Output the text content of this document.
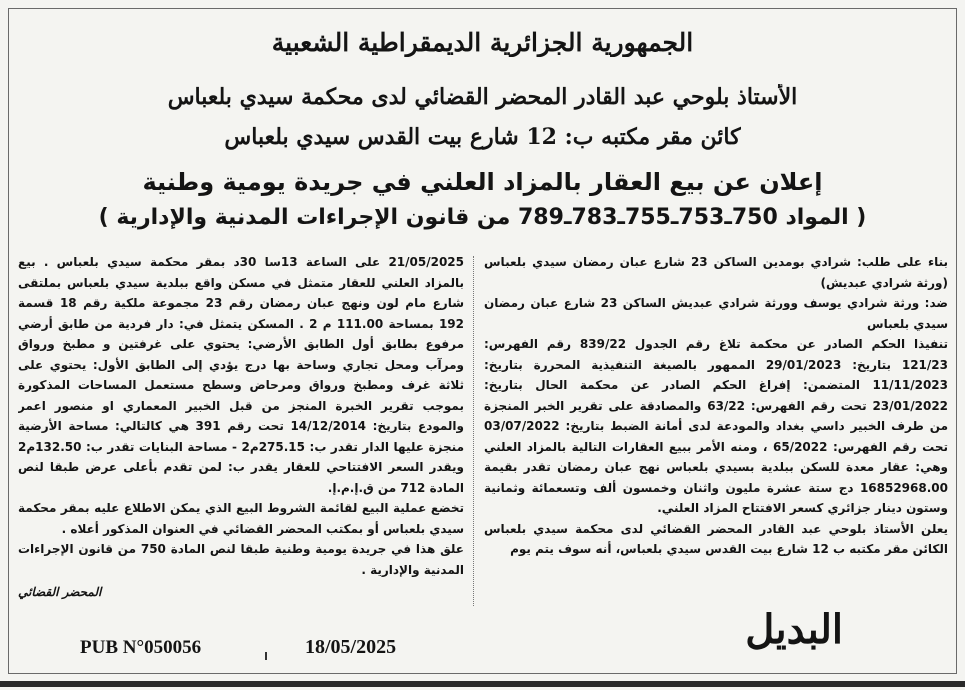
الجمهورية الجزائرية الديمقراطية الشعبية
الأستاذ بلوحي عبد القادر المحضر القضائي لدى محكمة سيدي بلعباس
كائن مقر مكتبه ب: 12 شارع بيت القدس سيدي بلعباس
إعلان عن بيع العقار بالمزاد العلني في جريدة يومية وطنية
( المواد 750ـ753ـ755ـ783ـ789 من قانون الإجراءات المدنية والإدارية )

بناء على طلب: شرادي بومدين الساكن 23 شارع عبان رمضان سيدي بلعباس (ورثة شرادي عبديش)

ضد: ورثة شرادي يوسف وورثة شرادي عبديش الساكن 23 شارع عبان رمضان سيدي بلعباس

تنفيذا الحكم الصادر عن محكمة تلاغ رقم الجدول 839/22 رقم الفهرس: 121/23 بتاريخ: 29/01/2023 الممهور بالصيغة التنفيذية المحررة بتاريخ: 11/11/2023 المتضمن: إفراغ الحكم الصادر عن محكمة الحال بتاريخ: 23/01/2022 تحت رقم الفهرس: 63/22 والمصادقة على تقرير الخبر المنجزة من طرف الخبير داسي بغداد والمودعة لدى أمانة الضبط بتاريخ: 03/07/2022 تحت رقم الفهرس: 65/2022 ، ومنه الأمر ببيع العقارات التالية بالمزاد العلني وهي: عقار معدة للسكن ببلدية بسيدي بلعباس نهج عبان رمضان تقدر بقيمة 16852968.00 دج ستة عشرة مليون واثنان وخمسون ألف وتسعمائة وثمانية وستون دينار جزائري كسعر الافتتاح المزاد العلني.

يعلن الأستاذ بلوحي عبد القادر المحضر القضائي لدى محكمة سيدي بلعباس الكائن مقر مكتبه ب 12 شارع بيت القدس سيدي بلعباس، أنه سوف يتم يوم

21/05/2025 على الساعة 13سا 30د بمقر محكمة سيدي بلعباس . بيع بالمزاد العلني للعقار متمثل في مسكن واقع ببلدية سيدي بلعباس بملتقى شارع مام لون ونهج عبان رمضان رقم 23 مجموعة ملكية رقم 18 قسمة 192 بمساحة 111.00 م 2 . المسكن يتمثل في: دار فردية من طابق أرضي مرفوع بطابق أول الطابق الأرضي: يحتوي على غرفتين و مطبخ ورواق ومرآب ومحل تجاري وساحة بها درج يؤدي إلى الطابق الأول: يحتوي على ثلاثة غرف ومطبخ ورواق ومرحاض وسطح مستعمل المساحات المذكورة بموجب تقرير الخبرة المنجز من قبل الخبير المعماري او منصور اعمر والمودع بتاريخ: 14/12/2014 تحت رقم 391 هي كالتالي: مساحة الأرضية منجزة عليها الدار تقدر ب: 275.15م2 - مساحة البنايات تقدر ب: 132.50م2 ويقدر السعر الافتتاحي للعقار يقدر ب: لمن تقدم بأعلى عرض طبقا لنص المادة 712 من ق.إ.م.إ.

تخضع عملية البيع لقائمة الشروط البيع الذي يمكن الاطلاع عليه بمقر محكمة سيدي بلعباس أو بمكتب المحضر القضائي في العنوان المذكور أعلاه .

علق هذا في جريدة يومية وطنية طبقا لنص المادة 750 من قانون الإجراءات المدنية والإدارية .

المحضر القضائي
البديل
18/05/2025
PUB N°050056
